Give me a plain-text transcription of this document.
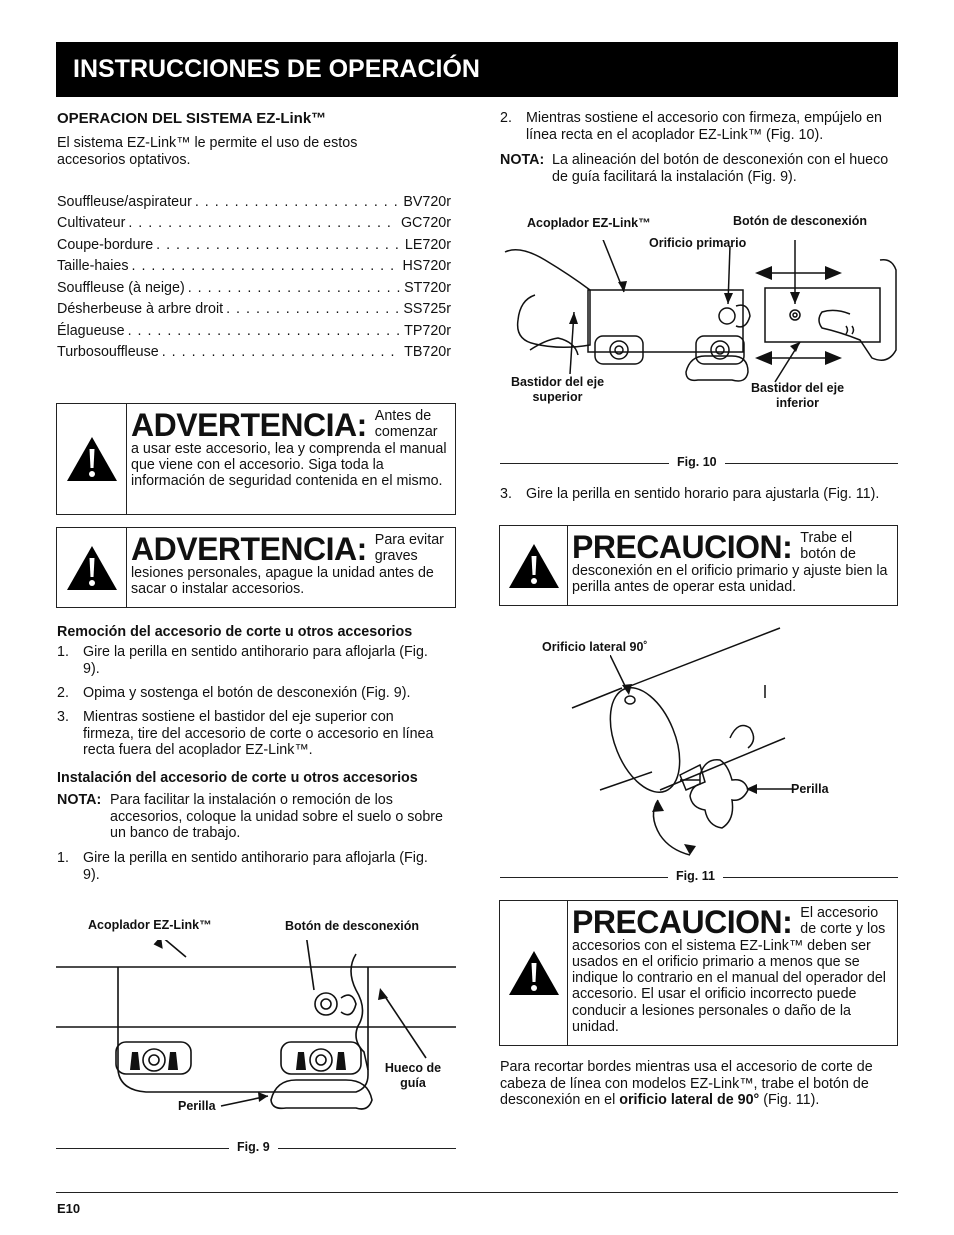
INSTRUCCIONES DE OPERACIÓN
OPERACION DEL SISTEMA EZ-Link™
El sistema EZ-Link™ le permite el uso de estos accesorios optativos.
Souffleuse/aspirateur . . .	BV720r
Cultivateur . . .	GC720r
Coupe-bordure . . .	LE720r
Taille-haies . . .	HS720r
Souffleuse (à neige) . . .	ST720r
Désherbeuse à arbre droit . . .	SS725r
Élagueuse . . .	TP720r
Turbosouffleuse . . .	TB720r
ADVERTENCIA: Antes de comenzar a usar este accesorio, lea y comprenda el manual que viene con el accesorio. Siga toda la información de seguridad contenida en el mismo.
ADVERTENCIA: Para evitar graves lesiones personales, apague la unidad antes de sacar o instalar accesorios.
Remoción del accesorio de corte u otros accesorios
1. Gire la perilla en sentido antihorario para aflojarla (Fig. 9).
2. Opima y sostenga el botón de desconexión (Fig. 9).
3. Mientras sostiene el bastidor del eje superior con firmeza, tire del accesorio de corte o accesorio en línea recta fuera del acoplador EZ-Link™.
Instalación del accesorio de corte u otros accesorios
NOTA: Para facilitar la instalación o remoción de los accesorios, coloque la unidad sobre el suelo o sobre un banco de trabajo.
1. Gire la perilla en sentido antihorario para aflojarla (Fig. 9).
Acoplador EZ-Link™	Botón de desconexión
Hueco de guía
Perilla
Fig. 9
2. Mientras sostiene el accesorio con firmeza, empújelo en línea recta en el acoplador EZ-Link™ (Fig. 10).
NOTA: La alineación del botón de desconexión con el hueco de guía facilitará la instalación (Fig. 9).
Acoplador EZ-Link™	Botón de desconexión
Orificio primario
Bastidor del eje superior
Bastidor del eje inferior
Fig. 10
3. Gire la perilla en sentido horario para ajustarla (Fig. 11).
PRECAUCION: Trabe el botón de desconexión en el orificio primario y ajuste bien la perilla antes de operar esta unidad.
Orificio lateral 90˚
Perilla
Fig. 11
PRECAUCION: El accesorio de corte y los accesorios con el sistema EZ-Link™ deben ser usados en el orificio primario a menos que se indique lo contrario en el manual del operador del accesorio. El usar el orificio incorrecto puede conducir a lesiones personales o daño de la unidad.
Para recortar bordes mientras usa el accesorio de corte de cabeza de línea con modelos EZ-Link™, trabe el botón de desconexión en el orificio lateral de 90° (Fig. 11).
E10
